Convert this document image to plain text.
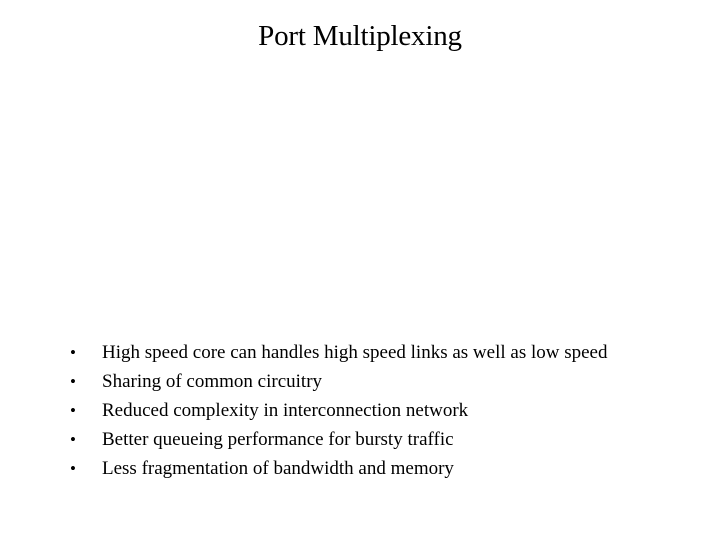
Port Multiplexing
•	High speed core can handles high speed links as well as low speed
•	Sharing of common circuitry
•	Reduced complexity in interconnection network
•	Better queueing performance for bursty traffic
•	Less fragmentation of bandwidth and memory
